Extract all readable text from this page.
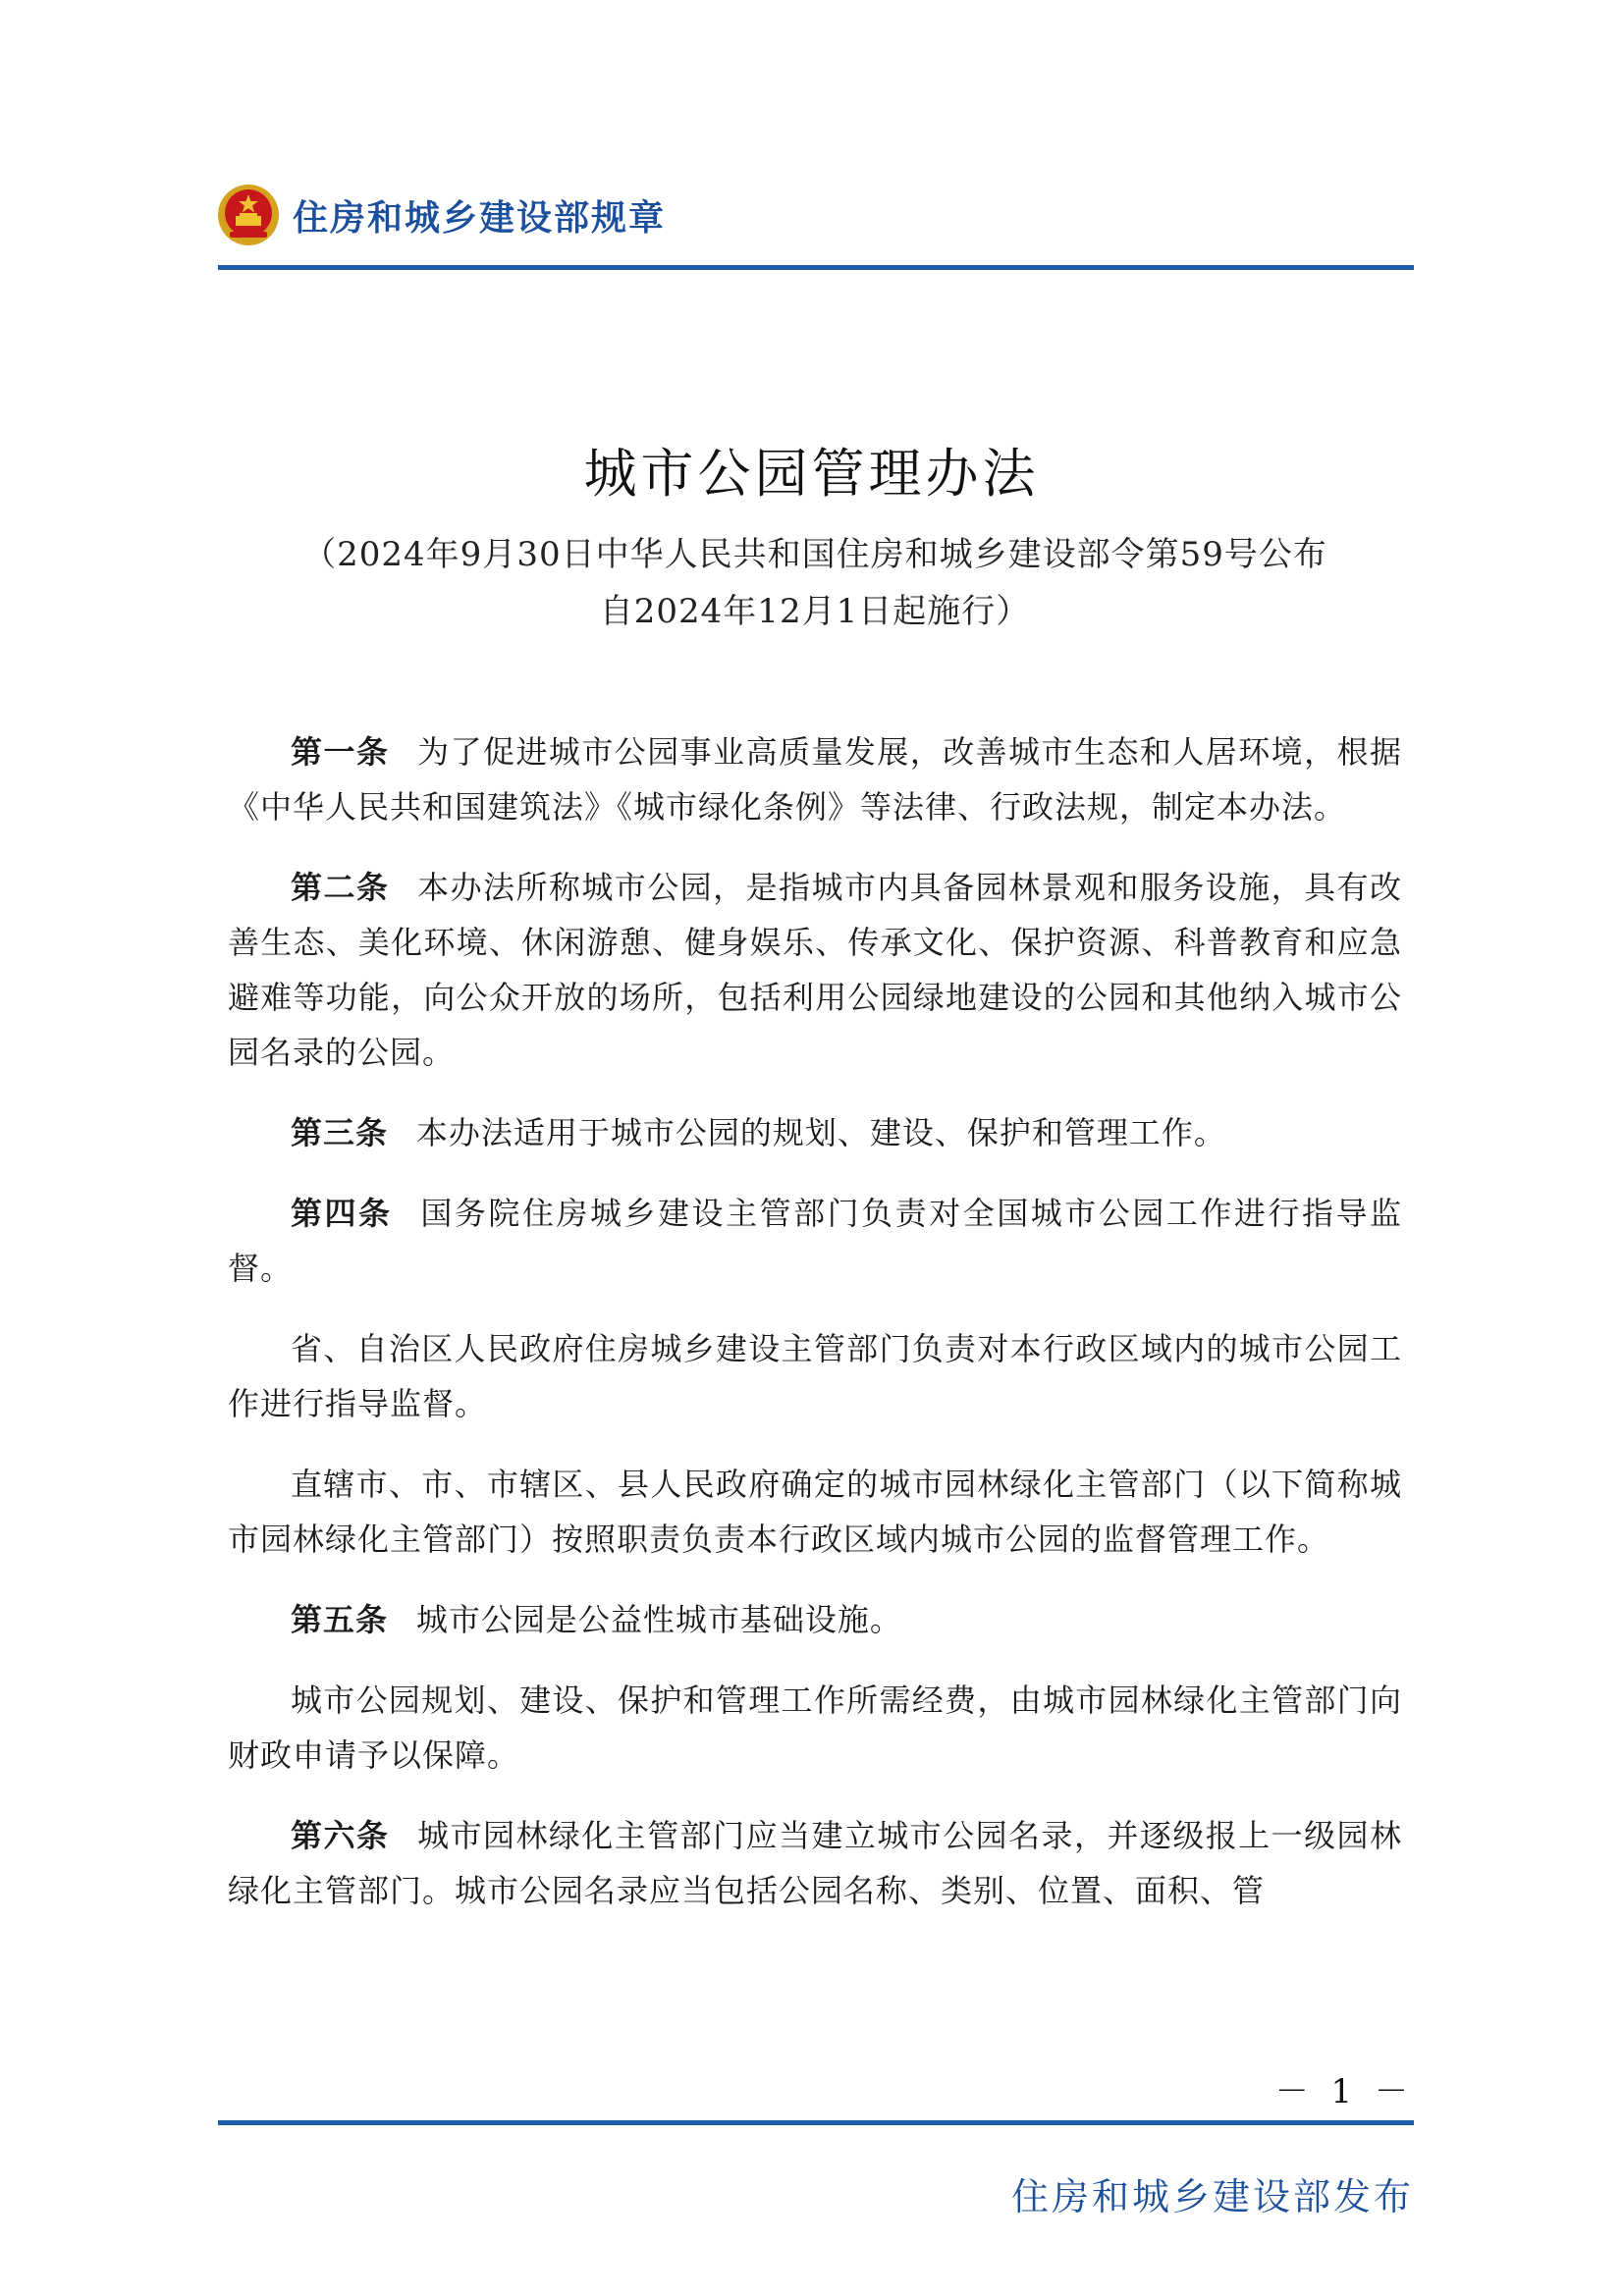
住房和城乡建设部规章
城市公园管理办法
（2024年9月30日中华人民共和国住房和城乡建设部令第59号公布
自2024年12月1日起施行）

第一条 为了促进城市公园事业高质量发展，改善城市生态和人居环境，根据《中华人民共和国建筑法》《城市绿化条例》等法律、行政法规，制定本办法。

第二条 本办法所称城市公园，是指城市内具备园林景观和服务设施，具有改善生态、美化环境、休闲游憩、健身娱乐、传承文化、保护资源、科普教育和应急避难等功能，向公众开放的场所，包括利用公园绿地建设的公园和其他纳入城市公园名录的公园。

第三条 本办法适用于城市公园的规划、建设、保护和管理工作。

第四条 国务院住房城乡建设主管部门负责对全国城市公园工作进行指导监督。

省、自治区人民政府住房城乡建设主管部门负责对本行政区域内的城市公园工作进行指导监督。

直辖市、市、市辖区、县人民政府确定的城市园林绿化主管部门（以下简称城市园林绿化主管部门）按照职责负责本行政区域内城市公园的监督管理工作。

第五条 城市公园是公益性城市基础设施。

城市公园规划、建设、保护和管理工作所需经费，由城市园林绿化主管部门向财政申请予以保障。

第六条 城市园林绿化主管部门应当建立城市公园名录，并逐级报上一级园林绿化主管部门。城市公园名录应当包括公园名称、类别、位置、面积、管

－ 1 －
住房和城乡建设部发布
